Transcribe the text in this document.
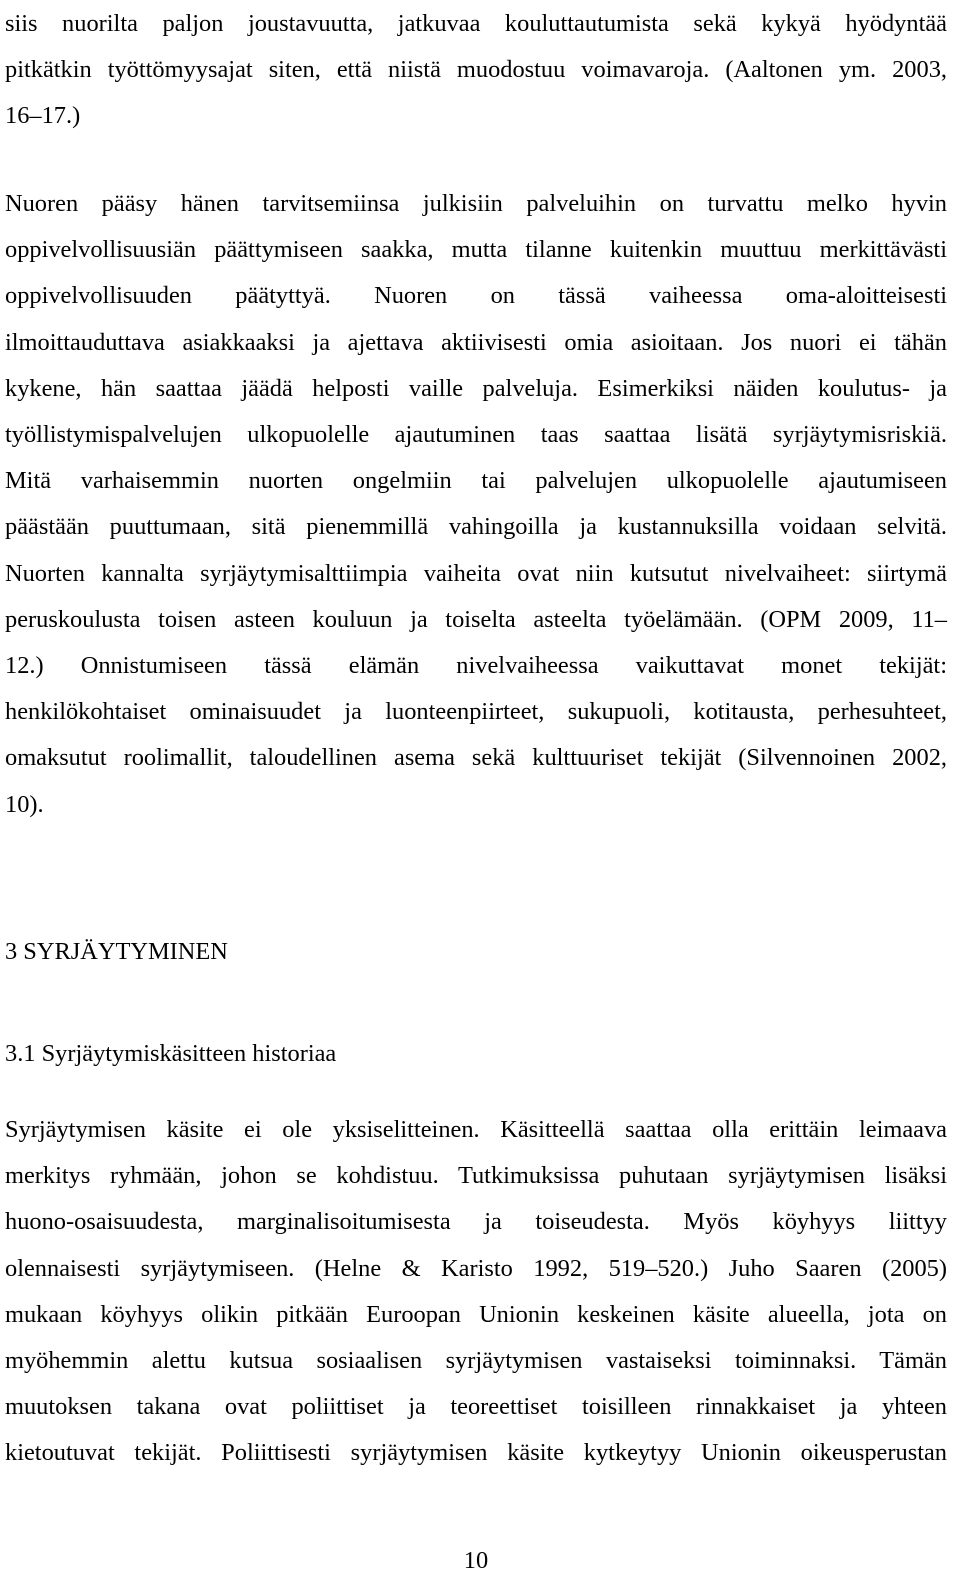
siis nuorilta paljon joustavuutta, jatkuvaa kouluttautumista sekä kykyä hyödyntää
pitkätkin työttömyysajat siten, että niistä muodostuu voimavaroja. (Aaltonen ym. 2003,
16–17.)
Nuoren pääsy hänen tarvitsemiinsa julkisiin palveluihin on turvattu melko hyvin
oppivelvollisuusiän päättymiseen saakka, mutta tilanne kuitenkin muuttuu merkittävästi
oppivelvollisuuden päätyttyä. Nuoren on tässä vaiheessa oma-aloitteisesti
ilmoittauduttava asiakkaaksi ja ajettava aktiivisesti omia asioitaan. Jos nuori ei tähän
kykene, hän saattaa jäädä helposti vaille palveluja. Esimerkiksi näiden koulutus- ja
työllistymispalvelujen ulkopuolelle ajautuminen taas saattaa lisätä syrjäytymisriskiä.
Mitä varhaisemmin nuorten ongelmiin tai palvelujen ulkopuolelle ajautumiseen
päästään puuttumaan, sitä pienemmillä vahingoilla ja kustannuksilla voidaan selvitä.
Nuorten kannalta syrjäytymisalttiimpia vaiheita ovat niin kutsutut nivelvaiheet: siirtymä
peruskoulusta toisen asteen kouluun ja toiselta asteelta työelämään. (OPM 2009, 11–
12.) Onnistumiseen tässä elämän nivelvaiheessa vaikuttavat monet tekijät:
henkilökohtaiset ominaisuudet ja luonteenpiirteet, sukupuoli, kotitausta, perhesuhteet,
omaksutut roolimallit, taloudellinen asema sekä kulttuuriset tekijät (Silvennoinen 2002,
10).
3 SYRJÄYTYMINEN
3.1 Syrjäytymiskäsitteen historiaa
Syrjäytymisen käsite ei ole yksiselitteinen. Käsitteellä saattaa olla erittäin leimaava
merkitys ryhmään, johon se kohdistuu. Tutkimuksissa puhutaan syrjäytymisen lisäksi
huono-osaisuudesta, marginalisoitumisesta ja toiseudesta. Myös köyhyys liittyy
olennaisesti syrjäytymiseen. (Helne & Karisto 1992, 519–520.) Juho Saaren (2005)
mukaan köyhyys olikin pitkään Euroopan Unionin keskeinen käsite alueella, jota on
myöhemmin alettu kutsua sosiaalisen syrjäytymisen vastaiseksi toiminnaksi. Tämän
muutoksen takana ovat poliittiset ja teoreettiset toisilleen rinnakkaiset ja yhteen
kietoutuvat tekijät. Poliittisesti syrjäytymisen käsite kytkeytyy Unionin oikeusperustan
10
